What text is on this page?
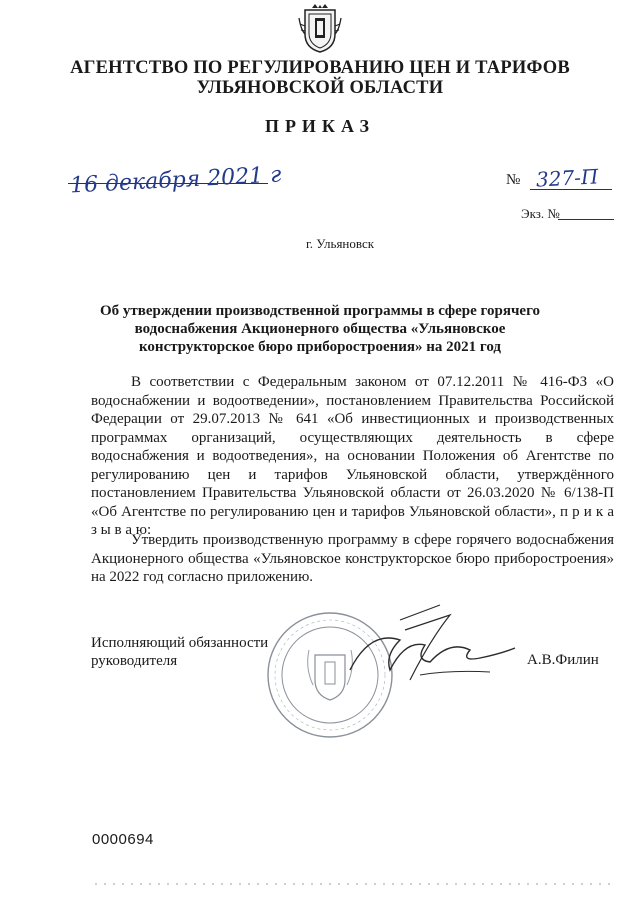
АГЕНТСТВО ПО РЕГУЛИРОВАНИЮ ЦЕН И ТАРИФОВ
УЛЬЯНОВСКОЙ ОБЛАСТИ
ПРИКАЗ
16 декабря 2021 г	№ 327-П
Экз. №
г. Ульяновск
Об утверждении производственной программы в сфере горячего водоснабжения Акционерного общества «Ульяновское конструкторское бюро приборостроения» на 2021 год
В соответствии с Федеральным законом от 07.12.2011 № 416-ФЗ «О водоснабжении и водоотведении», постановлением Правительства Российской Федерации от 29.07.2013 № 641 «Об инвестиционных и производственных программах организаций, осуществляющих деятельность в сфере водоснабжения и водоотведения», на основании Положения об Агентстве по регулированию цен и тарифов Ульяновской области, утверждённого постановлением Правительства Ульяновской области от 26.03.2020 № 6/138-П «Об Агентстве по регулированию цен и тарифов Ульяновской области», п р и к а з ы в а ю:
Утвердить производственную программу в сфере горячего водоснабжения Акционерного общества «Ульяновское конструкторское бюро приборостроения» на 2022 год согласно приложению.
Исполняющий обязанности
руководителя	А.В.Филин
0000694
